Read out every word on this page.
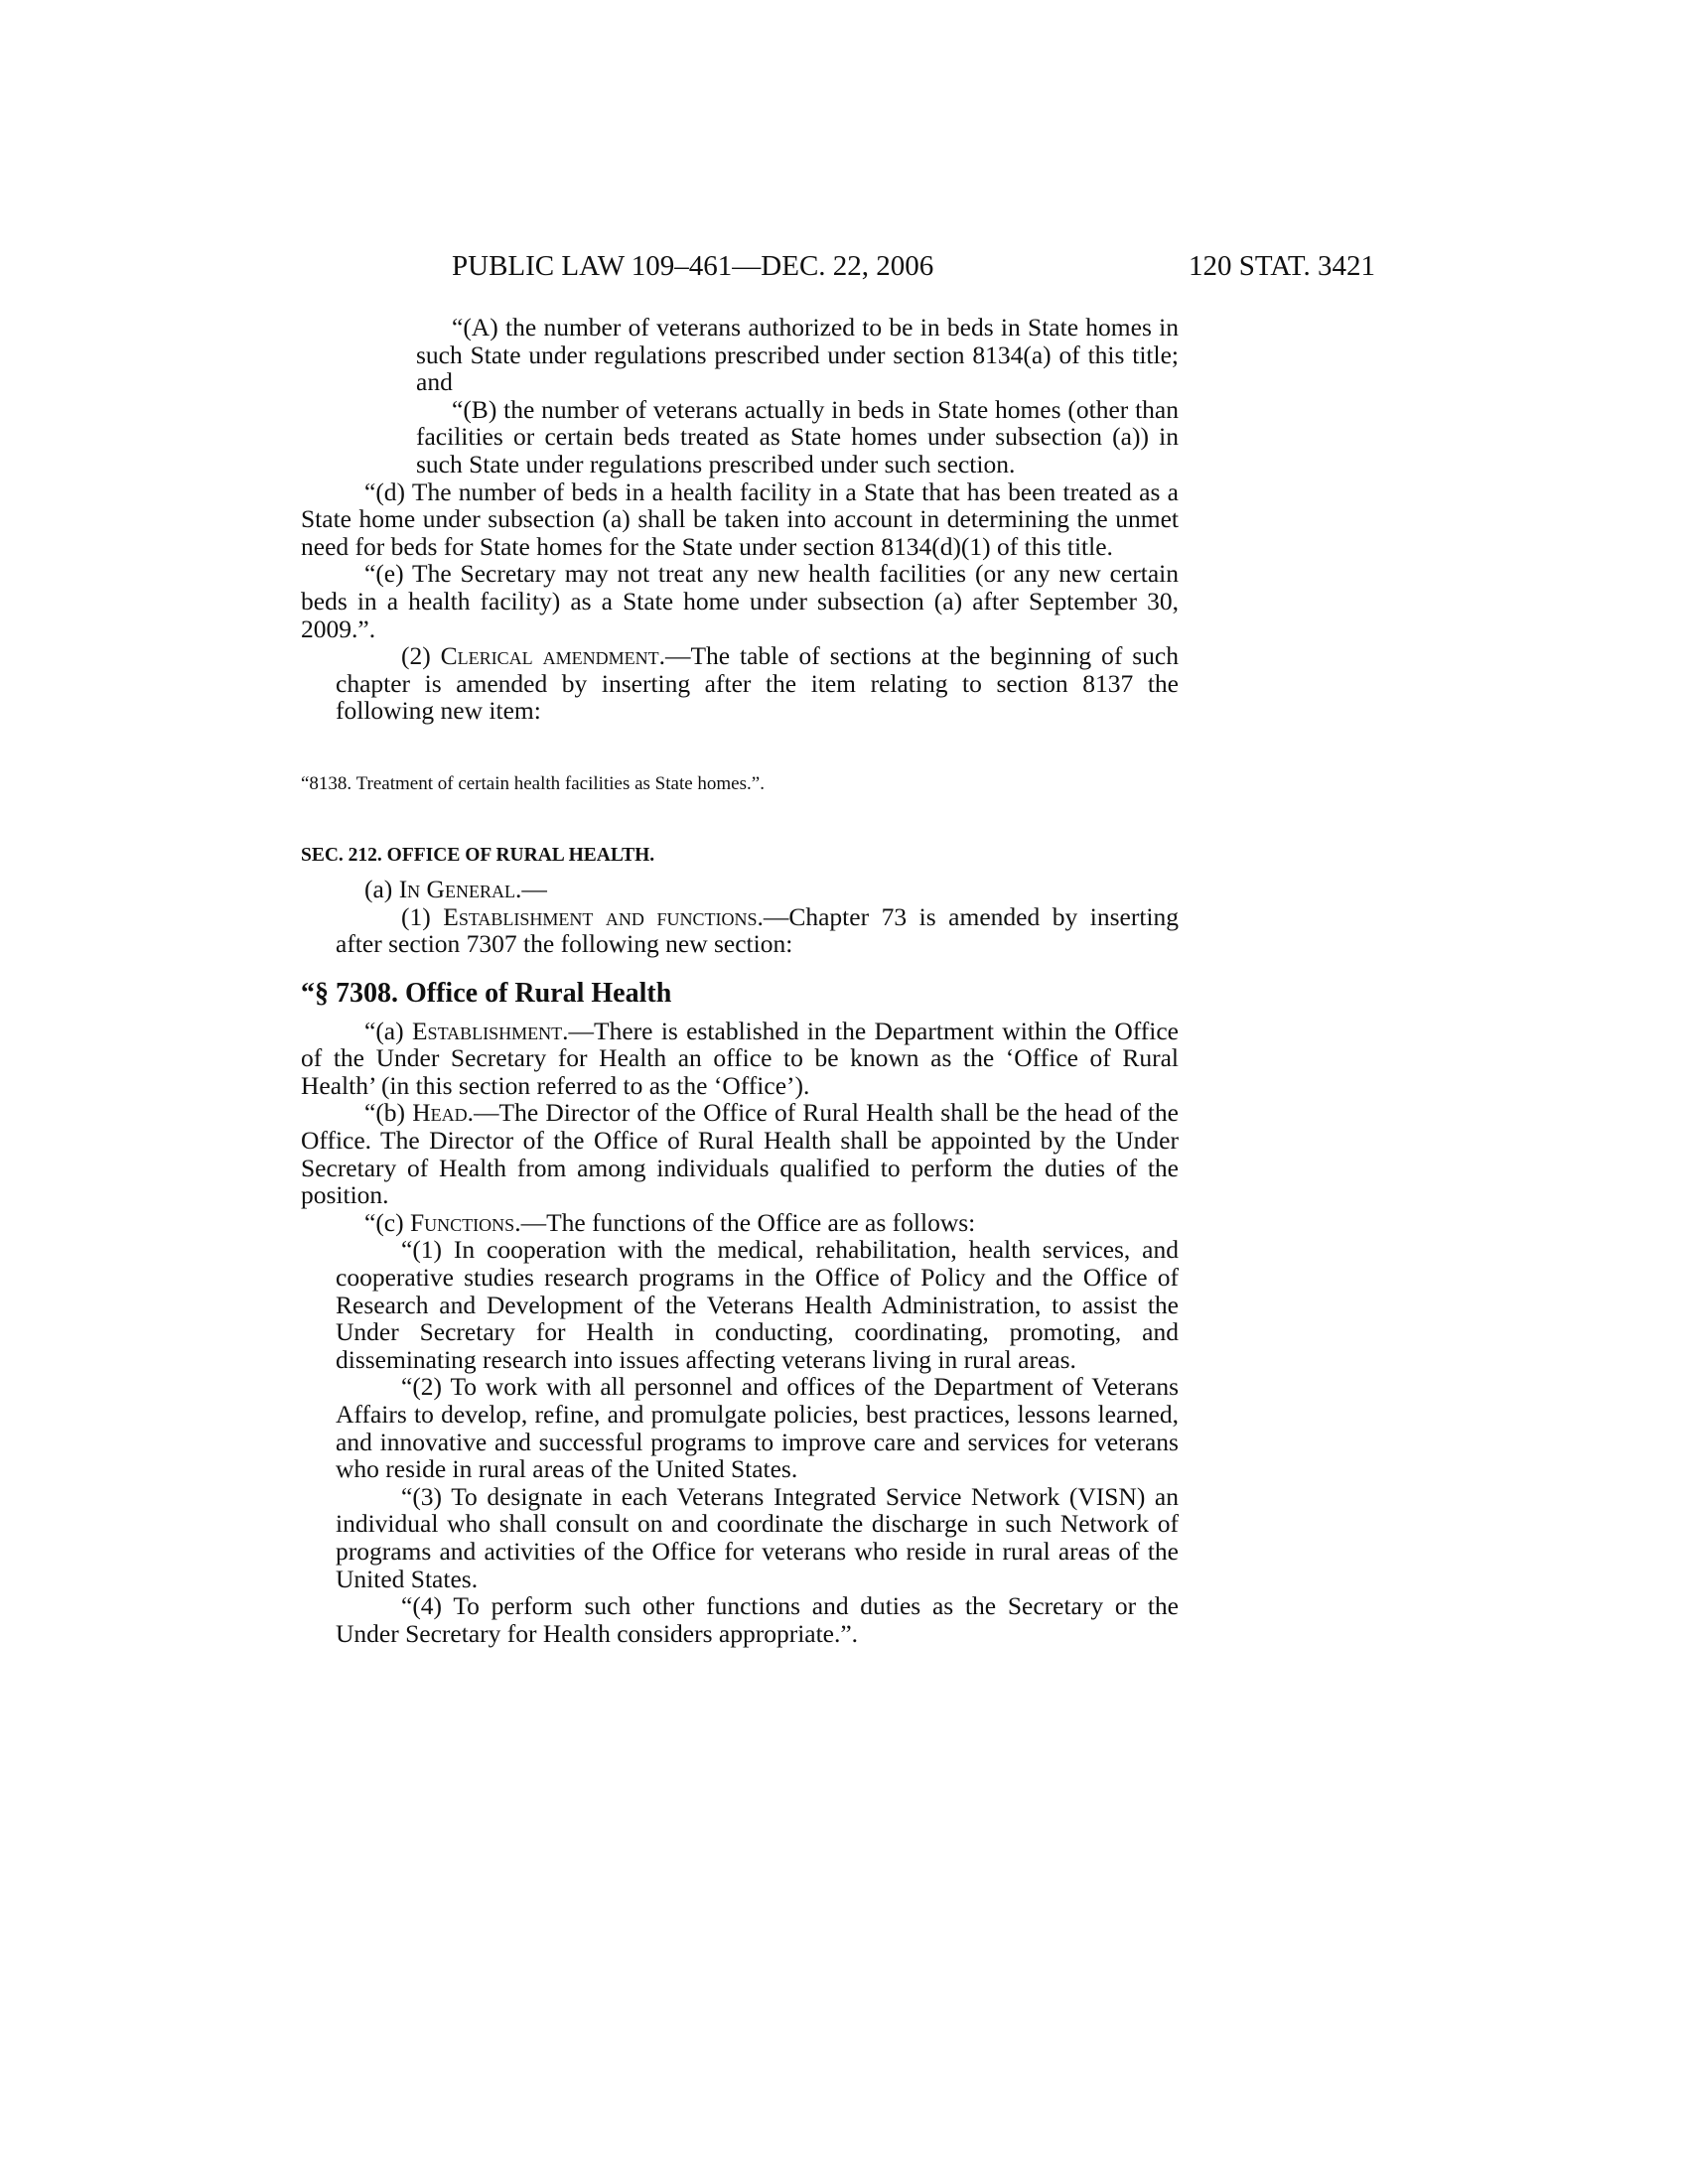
PUBLIC LAW 109–461—DEC. 22, 2006	120 STAT. 3421

“(A) the number of veterans authorized to be in beds in State homes in such State under regulations prescribed under section 8134(a) of this title; and

“(B) the number of veterans actually in beds in State homes (other than facilities or certain beds treated as State homes under subsection (a)) in such State under regulations prescribed under such section.

“(d) The number of beds in a health facility in a State that has been treated as a State home under subsection (a) shall be taken into account in determining the unmet need for beds for State homes for the State under section 8134(d)(1) of this title.

“(e) The Secretary may not treat any new health facilities (or any new certain beds in a health facility) as a State home under subsection (a) after September 30, 2009.”.

(2) Clerical amendment.—The table of sections at the beginning of such chapter is amended by inserting after the item relating to section 8137 the following new item:

“8138. Treatment of certain health facilities as State homes.”.

SEC. 212. OFFICE OF RURAL HEALTH.

(a) In General.—

(1) Establishment and functions.—Chapter 73 is amended by inserting after section 7307 the following new section:

“§ 7308. Office of Rural Health

“(a) Establishment.—There is established in the Department within the Office of the Under Secretary for Health an office to be known as the ‘Office of Rural Health’ (in this section referred to as the ‘Office’).

“(b) Head.—The Director of the Office of Rural Health shall be the head of the Office. The Director of the Office of Rural Health shall be appointed by the Under Secretary of Health from among individuals qualified to perform the duties of the position.

“(c) Functions.—The functions of the Office are as follows:

“(1) In cooperation with the medical, rehabilitation, health services, and cooperative studies research programs in the Office of Policy and the Office of Research and Development of the Veterans Health Administration, to assist the Under Secretary for Health in conducting, coordinating, promoting, and disseminating research into issues affecting veterans living in rural areas.

“(2) To work with all personnel and offices of the Department of Veterans Affairs to develop, refine, and promulgate policies, best practices, lessons learned, and innovative and successful programs to improve care and services for veterans who reside in rural areas of the United States.

“(3) To designate in each Veterans Integrated Service Network (VISN) an individual who shall consult on and coordinate the discharge in such Network of programs and activities of the Office for veterans who reside in rural areas of the United States.

“(4) To perform such other functions and duties as the Secretary or the Under Secretary for Health considers appropriate.”.
